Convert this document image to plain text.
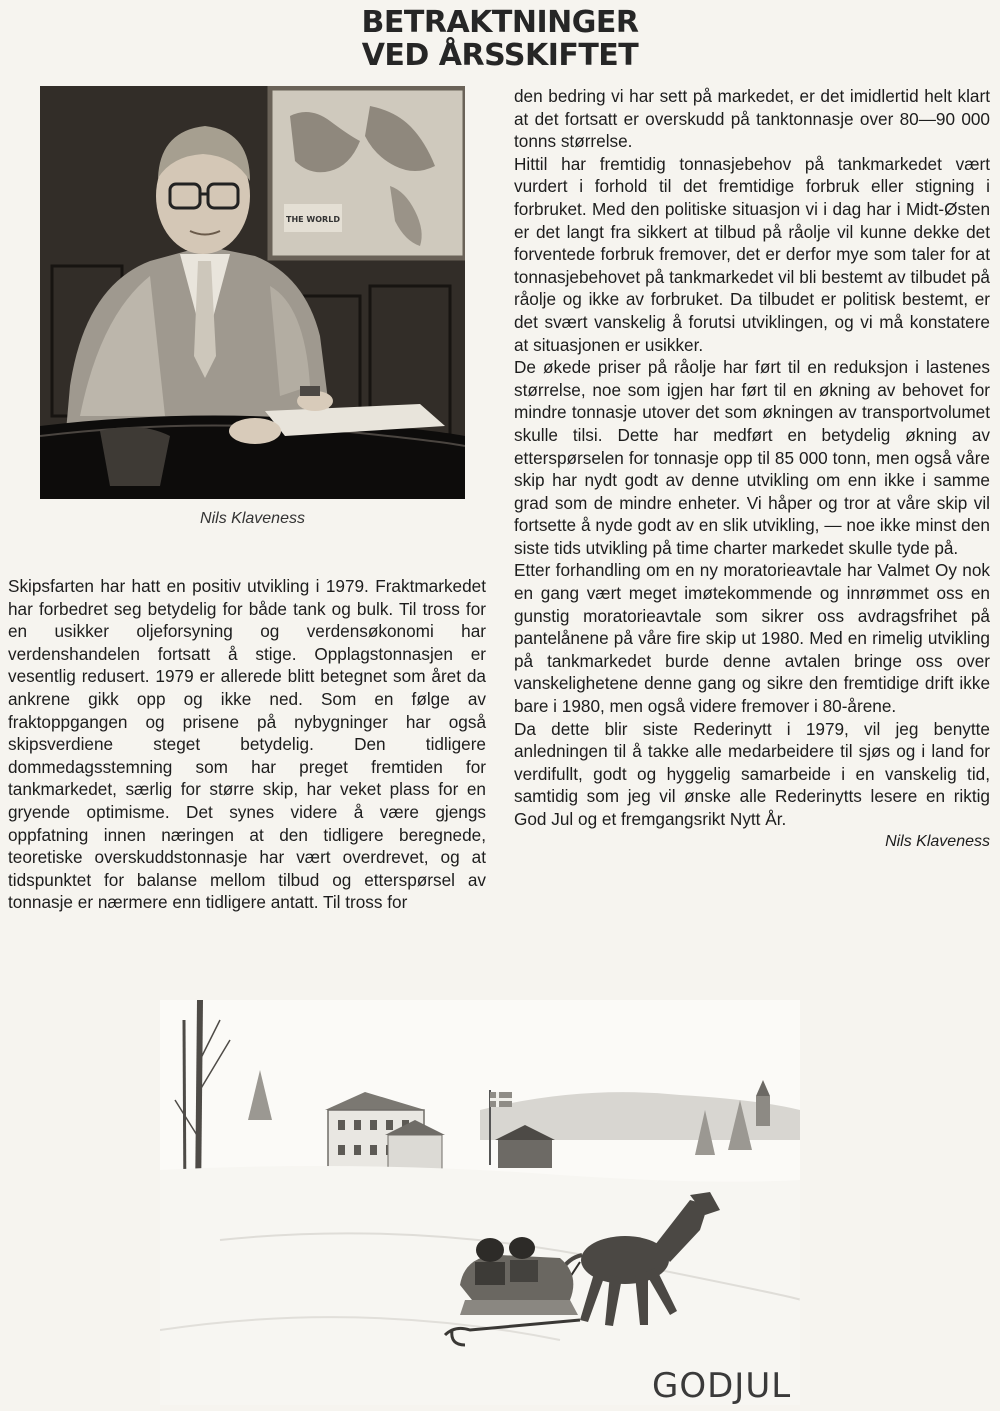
BETRAKTNINGER
VED ÅRSSKIFTET
THE WORLD

Nils Klaveness

Skipsfarten har hatt en positiv utvikling i 1979. Fraktmarkedet har forbedret seg betydelig for både tank og bulk. Til tross for en usikker oljeforsyning og verdensøkonomi har verdenshandelen fortsatt å stige. Opplagstonnasjen er vesentlig redusert. 1979 er allerede blitt betegnet som året da ankrene gikk opp og ikke ned. Som en følge av fraktoppgangen og prisene på nybygninger har også skipsverdiene steget betydelig. Den tidligere dommedagsstemning som har preget fremtiden for tankmarkedet, særlig for større skip, har veket plass for en gryende optimisme. Det synes videre å være gjengs oppfatning innen næringen at den tidligere beregnede, teoretiske overskuddstonnasje har vært overdrevet, og at tidspunktet for balanse mellom tilbud og etterspørsel av tonnasje er nærmere enn tidligere antatt. Til tross for

den bedring vi har sett på markedet, er det imidlertid helt klart at det fortsatt er overskudd på tanktonnasje over 80—90 000 tonns størrelse.

Hittil har fremtidig tonnasjebehov på tankmarkedet vært vurdert i forhold til det fremtidige forbruk eller stigning i forbruket. Med den politiske situasjon vi i dag har i Midt-Østen er det langt fra sikkert at tilbud på råolje vil kunne dekke det forventede forbruk fremover, det er derfor mye som taler for at tonnasjebehovet på tankmarkedet vil bli bestemt av tilbudet på råolje og ikke av forbruket. Da tilbudet er politisk bestemt, er det svært vanskelig å forutsi utviklingen, og vi må konstatere at situasjonen er usikker.

De økede priser på råolje har ført til en reduksjon i lastenes størrelse, noe som igjen har ført til en økning av behovet for mindre tonnasje utover det som økningen av transportvolumet skulle tilsi. Dette har medført en betydelig økning av etterspørselen for tonnasje opp til 85 000 tonn, men også våre skip har nydt godt av denne utvikling om enn ikke i samme grad som de mindre enheter. Vi håper og tror at våre skip vil fortsette å nyde godt av en slik utvikling, — noe ikke minst den siste tids utvikling på time charter markedet skulle tyde på.

Etter forhandling om en ny moratorieavtale har Valmet Oy nok en gang vært meget imøtekommende og innrømmet oss en gunstig moratorieavtale som sikrer oss avdragsfrihet på pantelånene på våre fire skip ut 1980. Med en rimelig utvikling på tankmarkedet burde denne avtalen bringe oss over vanskelighetene denne gang og sikre den fremtidige drift ikke bare i 1980, men også videre fremover i 80-årene.

Da dette blir siste Rederinytt i 1979, vil jeg benytte anledningen til å takke alle medarbeidere til sjøs og i land for verdifullt, godt og hyggelig samarbeide i en vanskelig tid, samtidig som jeg vil ønske alle Rederinytts lesere en riktig God Jul og et fremgangsrikt Nytt År.

Nils Klaveness

GODJUL
